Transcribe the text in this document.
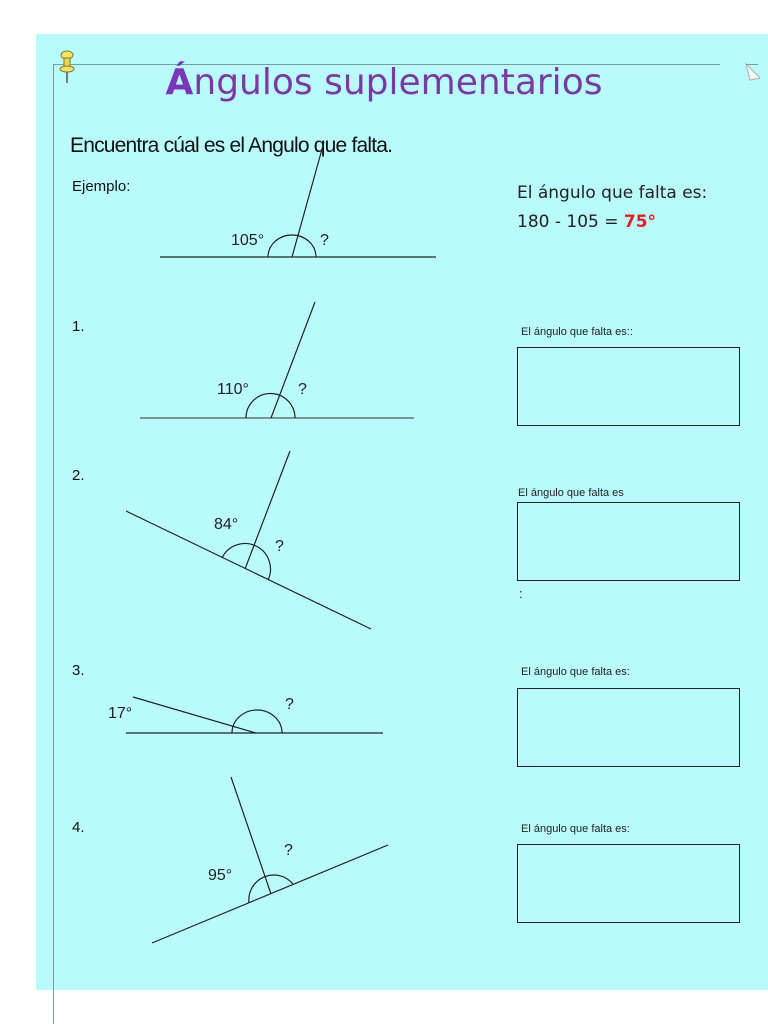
Ángulos suplementarios
Encuentra cúal es el Angulo que falta.
Ejemplo:	El ángulo que falta es:
180 - 105 = 75°
1.
2.
3.
4.
El ángulo que falta es::
El ángulo que falta es
:
El ángulo que falta es:
El ángulo que falta es:
105°	?
110°	?
84°
?
17°
?
95°
?
